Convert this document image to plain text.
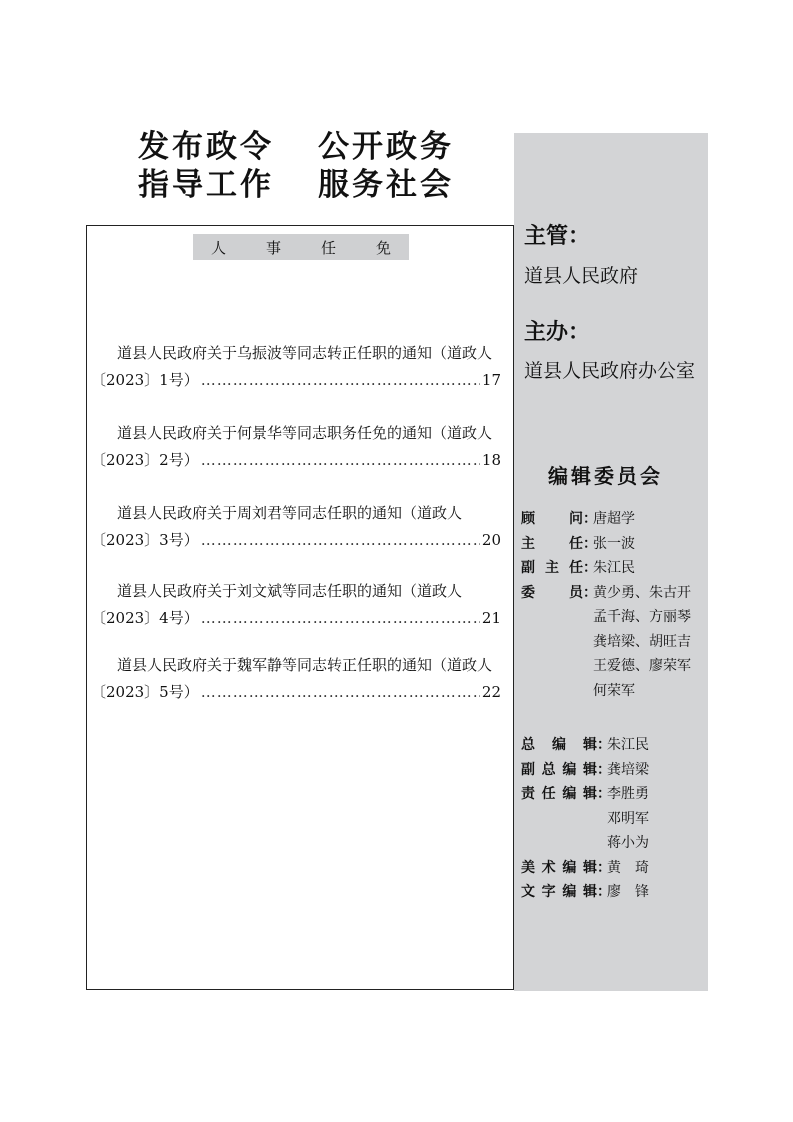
发布政令	公开政务
指导工作	服务社会
人事任免
道县人民政府关于乌振波等同志转正任职的通知（道政人
〔2023〕1号） ……………………………………………………………………………………………………………………	17
道县人民政府关于何景华等同志职务任免的通知（道政人
〔2023〕2号） ……………………………………………………………………………………………………………………	18
道县人民政府关于周刘君等同志任职的通知（道政人
〔2023〕3号） ……………………………………………………………………………………………………………………	20
道县人民政府关于刘文斌等同志任职的通知（道政人
〔2023〕4号） ……………………………………………………………………………………………………………………	21
道县人民政府关于魏军静等同志转正任职的通知（道政人
〔2023〕5号） ……………………………………………………………………………………………………………………	22
主管：
道县人民政府
主办：
道县人民政府办公室
编辑委员会
顾 问 ：
唐超学
主 任 ：
张一波
副 主 任 ：
朱江民
委 员 ：
黄少勇、朱古开
孟千海、方丽琴
龚培梁、胡旺吉
王爱德、廖荣军
何荣军
总 编 辑 ：
朱江民
副 总 编 辑 ：
龚培梁
责 任 编 辑 ：
李胜勇
邓明军
蒋小为
美 术 编 辑 ：
黄　琦
文 字 编 辑 ：
廖　锋
